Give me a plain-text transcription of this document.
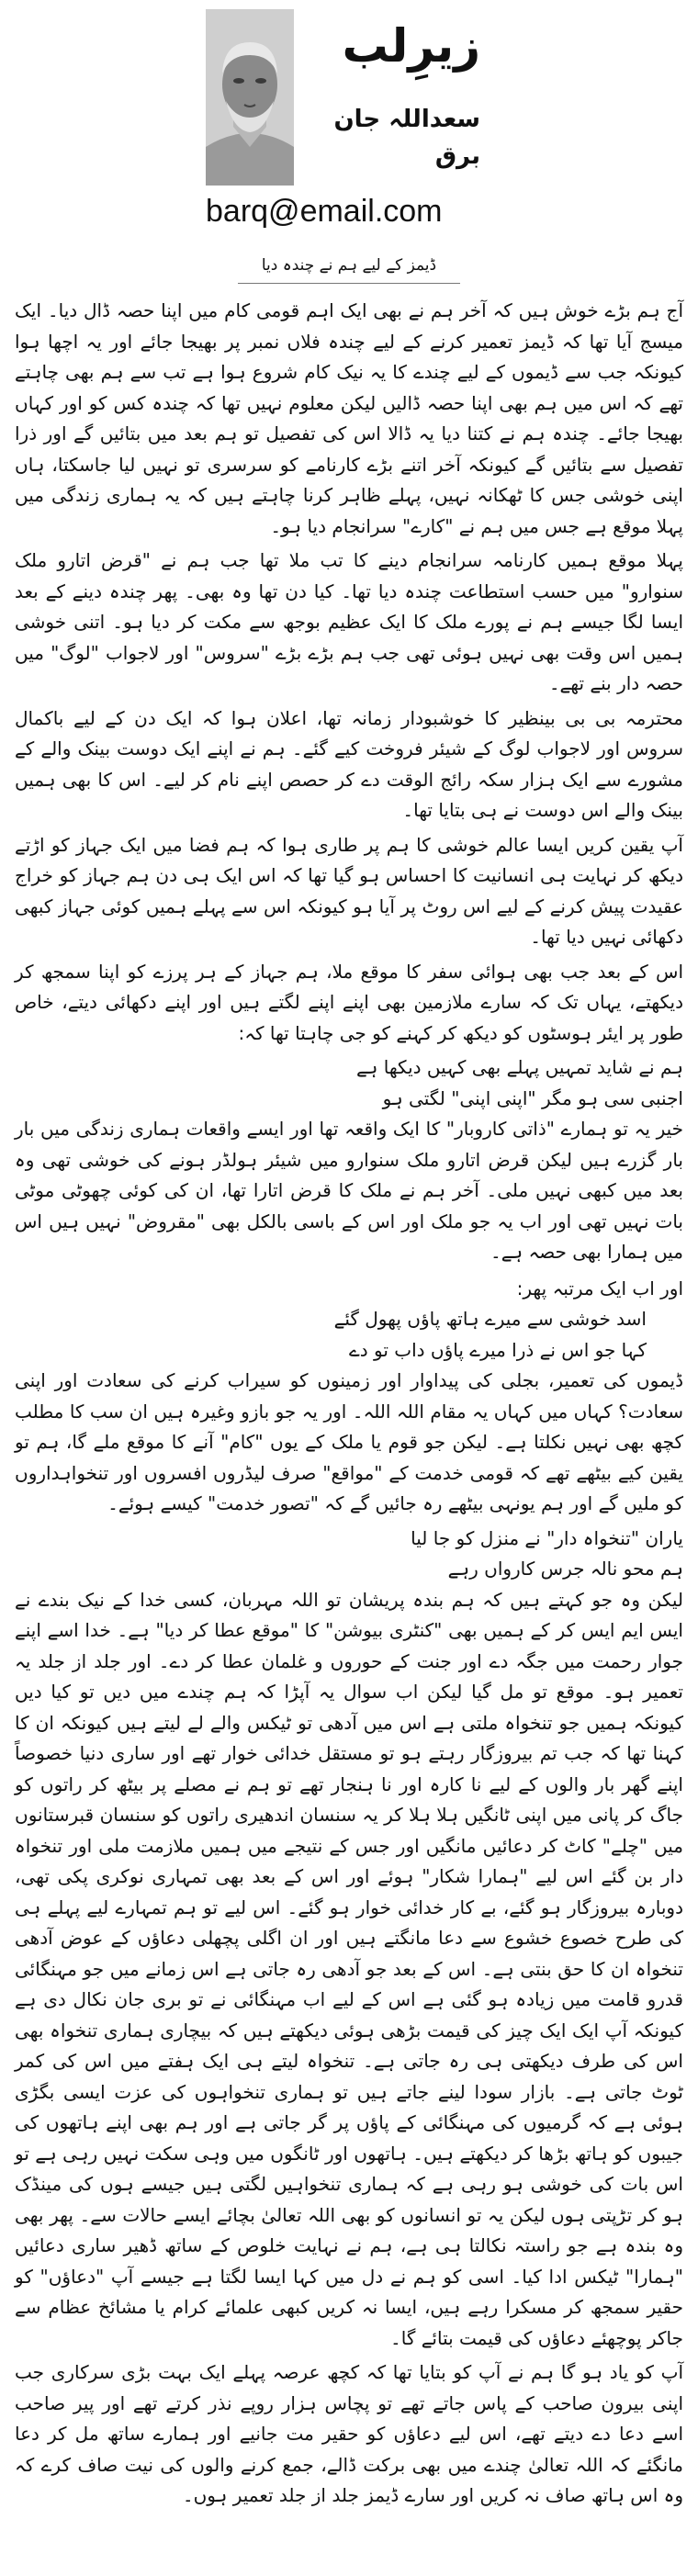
زیرِلب
سعداللہ جان برق
barq@email.com
ڈیمز کے لیے ہم نے چندہ دیا

آج ہم بڑے خوش ہیں کہ آخر ہم نے بھی ایک اہم قومی کام میں اپنا حصہ ڈال دیا۔ ایک میسج آیا تھا کہ ڈیمز تعمیر کرنے کے لیے چندہ فلاں نمبر پر بھیجا جائے اور یہ اچھا ہوا کیونکہ جب سے ڈیموں کے لیے چندے کا یہ نیک کام شروع ہوا ہے تب سے ہم بھی چاہتے تھے کہ اس میں ہم بھی اپنا حصہ ڈالیں لیکن معلوم نہیں تھا کہ چندہ کس کو اور کہاں بھیجا جائے۔ چندہ ہم نے کتنا دیا یہ ڈالا اس کی تفصیل تو ہم بعد میں بتائیں گے اور ذرا تفصیل سے بتائیں گے کیونکہ آخر اتنے بڑے کارنامے کو سرسری تو نہیں لیا جاسکتا، ہاں اپنی خوشی جس کا ٹھکانہ نہیں، پہلے ظاہر کرنا چاہتے ہیں کہ یہ ہماری زندگی میں پہلا موقع ہے جس میں ہم نے "کارے" سرانجام دیا ہو۔

پہلا موقع ہمیں کارنامہ سرانجام دینے کا تب ملا تھا جب ہم نے "قرض اتارو ملک سنوارو" میں حسب استطاعت چندہ دیا تھا۔ کیا دن تھا وہ بھی۔ پھر چندہ دینے کے بعد ایسا لگا جیسے ہم نے پورے ملک کا ایک عظیم بوجھ سے مکت کر دیا ہو۔ اتنی خوشی ہمیں اس وقت بھی نہیں ہوئی تھی جب ہم بڑے بڑے "سروس" اور لاجواب "لوگ" میں حصہ دار بنے تھے۔

محترمہ بی بی بینظیر کا خوشبودار زمانہ تھا، اعلان ہوا کہ ایک دن کے لیے باکمال سروس اور لاجواب لوگ کے شیئر فروخت کیے گئے۔ ہم نے اپنے ایک دوست بینک والے کے مشورے سے ایک ہزار سکہ رائج الوقت دے کر حصص اپنے نام کر لیے۔ اس کا بھی ہمیں بینک والے اس دوست نے ہی بتایا تھا۔

آپ یقین کریں ایسا عالم خوشی کا ہم پر طاری ہوا کہ ہم فضا میں ایک جہاز کو اڑتے دیکھ کر نہایت ہی انسانیت کا احساس ہو گیا تھا کہ اس ایک ہی دن ہم جہاز کو خراج عقیدت پیش کرنے کے لیے اس روٹ پر آیا ہو کیونکہ اس سے پہلے ہمیں کوئی جہاز کبھی دکھائی نہیں دیا تھا۔

اس کے بعد جب بھی ہوائی سفر کا موقع ملا، ہم جہاز کے ہر پرزے کو اپنا سمجھ کر دیکھتے، یہاں تک کہ سارے ملازمین بھی اپنے اپنے لگتے ہیں اور اپنے دکھائی دیتے، خاص طور پر ایئر ہوسٹوں کو دیکھ کر کہنے کو جی چاہتا تھا کہ:

ہم نے شاید تمہیں پہلے بھی کہیں دیکھا ہے

اجنبی سی ہو مگر "اپنی اپنی" لگتی ہو

خیر یہ تو ہمارے "ذاتی کاروبار" کا ایک واقعہ تھا اور ایسے واقعات ہماری زندگی میں بار بار گزرے ہیں لیکن قرض اتارو ملک سنوارو میں شیئر ہولڈر ہونے کی خوشی تھی وہ بعد میں کبھی نہیں ملی۔ آخر ہم نے ملک کا قرض اتارا تھا، ان کی کوئی چھوٹی موٹی بات نہیں تھی اور اب یہ جو ملک اور اس کے باسی بالکل بھی "مقروض" نہیں ہیں اس میں ہمارا بھی حصہ ہے۔

اور اب ایک مرتبہ پھر:

اسد خوشی سے میرے ہاتھ پاؤں پھول گئے

کہا جو اس نے ذرا میرے پاؤں داب تو دے

ڈیموں کی تعمیر، بجلی کی پیداوار اور زمینوں کو سیراب کرنے کی سعادت اور اپنی سعادت؟ کہاں میں کہاں یہ مقام اللہ اللہ۔ اور یہ جو بازو وغیرہ ہیں ان سب کا مطلب کچھ بھی نہیں نکلتا ہے۔ لیکن جو قوم یا ملک کے یوں "کام" آنے کا موقع ملے گا، ہم تو یقین کیے بیٹھے تھے کہ قومی خدمت کے "مواقع" صرف لیڈروں افسروں اور تنخواہداروں کو ملیں گے اور ہم یونہی بیٹھے رہ جائیں گے کہ "تصور خدمت" کیسے ہوئے۔

یاران "تنخواہ دار" نے منزل کو جا لیا

ہم محو نالہ جرس کارواں رہے

لیکن وہ جو کہتے ہیں کہ ہم بندہ پریشان تو اللہ مہربان، کسی خدا کے نیک بندے نے ایس ایم ایس کر کے ہمیں بھی "کنٹری بیوشن" کا "موقع عطا کر دیا" ہے۔ خدا اسے اپنے جوار رحمت میں جگہ دے اور جنت کے حوروں و غلمان عطا کر دے۔ اور جلد از جلد یہ تعمیر ہو۔ موقع تو مل گیا لیکن اب سوال یہ آپڑا کہ ہم چندے میں دیں تو کیا دیں کیونکہ ہمیں جو تنخواہ ملتی ہے اس میں آدھی تو ٹیکس والے لے لیتے ہیں کیونکہ ان کا کہنا تھا کہ جب تم بیروزگار رہتے ہو تو مستقل خدائی خوار تھے اور ساری دنیا خصوصاً اپنے گھر بار والوں کے لیے نا کارہ اور نا ہنجار تھے تو ہم نے مصلے پر بیٹھ کر راتوں کو جاگ کر پانی میں اپنی ٹانگیں ہلا ہلا کر یہ سنسان اندھیری راتوں کو سنسان قبرستانوں میں "چلے" کاٹ کر دعائیں مانگیں اور جس کے نتیجے میں ہمیں ملازمت ملی اور تنخواہ دار بن گئے اس لیے "ہمارا شکار" ہوئے اور اس کے بعد بھی تمہاری نوکری پکی تھی، دوبارہ بیروزگار ہو گئے، بے کار خدائی خوار ہو گئے۔ اس لیے تو ہم تمہارے لیے پہلے ہی کی طرح خصوع خشوع سے دعا مانگتے ہیں اور ان اگلی پچھلی دعاؤں کے عوض آدھی تنخواہ ان کا حق بنتی ہے۔ اس کے بعد جو آدھی رہ جاتی ہے اس زمانے میں جو مہنگائی قدرو قامت میں زیادہ ہو گئی ہے اس کے لیے اب مہنگائی نے تو بری جان نکال دی ہے کیونکہ آپ ایک ایک چیز کی قیمت بڑھی ہوئی دیکھتے ہیں کہ بیچاری ہماری تنخواہ بھی اس کی طرف دیکھتی ہی رہ جاتی ہے۔ تنخواہ لیتے ہی ایک ہفتے میں اس کی کمر ٹوٹ جاتی ہے۔ بازار سودا لینے جاتے ہیں تو ہماری تنخواہوں کی عزت ایسی بگڑی ہوئی ہے کہ گرمیوں کی مہنگائی کے پاؤں پر گر جاتی ہے اور ہم بھی اپنے ہاتھوں کی جیبوں کو ہاتھ بڑھا کر دیکھتے ہیں۔ ہاتھوں اور ٹانگوں میں وہی سکت نہیں رہی ہے تو اس بات کی خوشی ہو رہی ہے کہ ہماری تنخواہیں لگتی ہیں جیسے ہوں کی مینڈک ہو کر تڑپتی ہوں لیکن یہ تو انسانوں کو بھی اللہ تعالیٰ بچائے ایسے حالات سے۔ پھر بھی وہ بندہ ہے جو راستہ نکالتا ہی ہے، ہم نے نہایت خلوص کے ساتھ ڈھیر ساری دعائیں "ہمارا" ٹیکس ادا کیا۔ اسی کو ہم نے دل میں کہا ایسا لگتا ہے جیسے آپ "دعاؤں" کو حقیر سمجھ کر مسکرا رہے ہیں، ایسا نہ کریں کبھی علمائے کرام یا مشائخ عظام سے جاکر پوچھئے دعاؤں کی قیمت بتائے گا۔

آپ کو یاد ہو گا ہم نے آپ کو بتایا تھا کہ کچھ عرصہ پہلے ایک بہت بڑی سرکاری جب اپنی بیرون صاحب کے پاس جاتے تھے تو پچاس ہزار روپے نذر کرتے تھے اور پیر صاحب اسے دعا دے دیتے تھے، اس لیے دعاؤں کو حقیر مت جانیے اور ہمارے ساتھ مل کر دعا مانگئے کہ اللہ تعالیٰ چندے میں بھی برکت ڈالے، جمع کرنے والوں کی نیت صاف کرے کہ وہ اس ہاتھ صاف نہ کریں اور سارے ڈیمز جلد از جلد تعمیر ہوں۔
